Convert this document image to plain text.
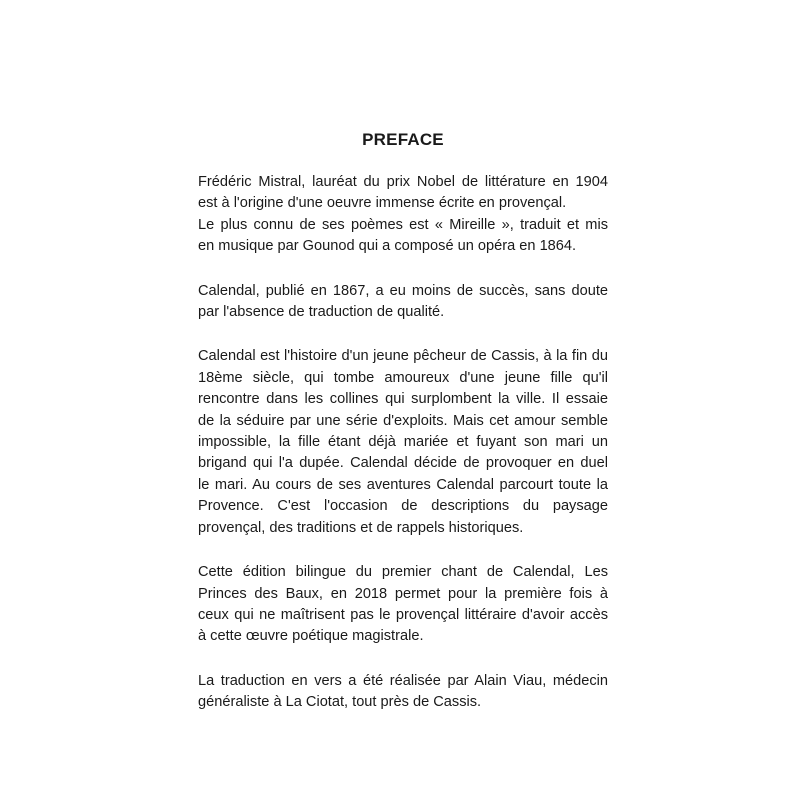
PREFACE
Frédéric Mistral, lauréat du prix Nobel de littérature en 1904
est à l'origine d'une oeuvre immense écrite en provençal.
Le plus connu de ses poèmes est « Mireille », traduit et mis
en musique par Gounod qui a composé un opéra en 1864.
Calendal, publié en 1867, a eu moins de succès, sans doute
par l'absence de traduction de qualité.
Calendal est l'histoire d'un jeune pêcheur de Cassis, à la fin du
18ème siècle, qui tombe amoureux d'une jeune fille qu'il
rencontre dans les collines qui surplombent la ville. Il essaie
de la séduire par une série d'exploits. Mais cet amour semble
impossible, la fille étant déjà mariée et fuyant son mari un
brigand qui l'a dupée. Calendal décide de provoquer en duel
le mari. Au cours de ses aventures Calendal parcourt toute la
Provence. C'est l'occasion de descriptions du paysage
provençal, des traditions et de rappels historiques.
Cette édition bilingue du premier chant de Calendal, Les
Princes des Baux, en 2018 permet pour la première fois à
ceux qui ne maîtrisent pas le provençal littéraire d'avoir accès
à cette œuvre poétique magistrale.
La traduction en vers a été réalisée par Alain Viau, médecin
généraliste à La Ciotat, tout près de Cassis.
